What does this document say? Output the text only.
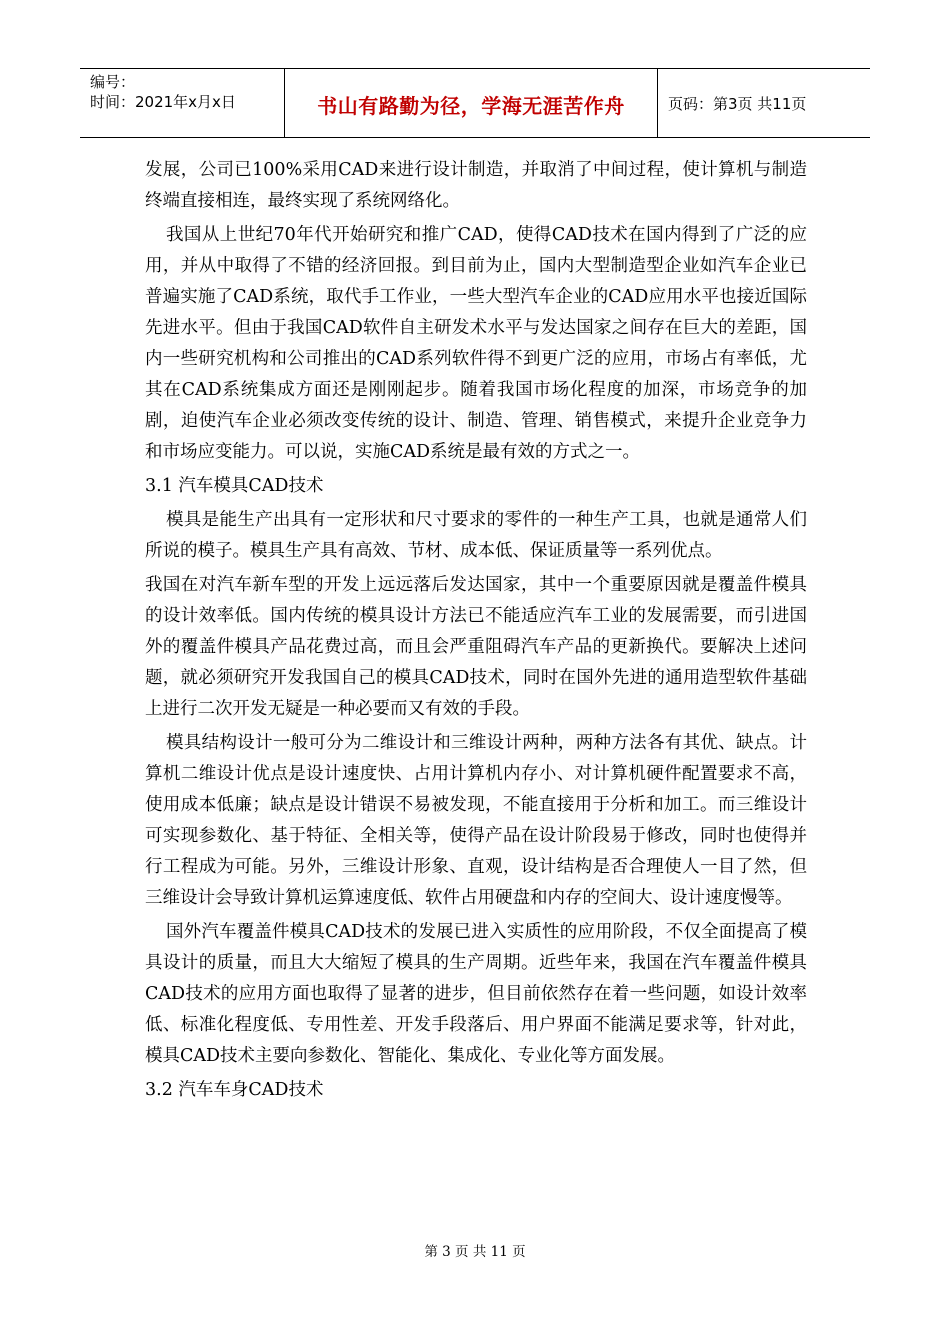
编号：
时间：2021年x月x日	书山有路勤为径，学海无涯苦作舟	页码：第3页 共11页

发展，公司已100%采用CAD来进行设计制造，并取消了中间过程，使计算机与制造终端直接相连，最终实现了系统网络化。

我国从上世纪70年代开始研究和推广CAD，使得CAD技术在国内得到了广泛的应用，并从中取得了不错的经济回报。到目前为止，国内大型制造型企业如汽车企业已普遍实施了CAD系统，取代手工作业，一些大型汽车企业的CAD应用水平也接近国际先进水平。但由于我国CAD软件自主研发术水平与发达国家之间存在巨大的差距，国内一些研究机构和公司推出的CAD系列软件得不到更广泛的应用，市场占有率低，尤其在CAD系统集成方面还是刚刚起步。随着我国市场化程度的加深，市场竞争的加剧，迫使汽车企业必须改变传统的设计、制造、管理、销售模式，来提升企业竞争力和市场应变能力。可以说，实施CAD系统是最有效的方式之一。

3.1 汽车模具CAD技术

模具是能生产出具有一定形状和尺寸要求的零件的一种生产工具，也就是通常人们所说的模子。模具生产具有高效、节材、成本低、保证质量等一系列优点。

我国在对汽车新车型的开发上远远落后发达国家，其中一个重要原因就是覆盖件模具的设计效率低。国内传统的模具设计方法已不能适应汽车工业的发展需要，而引进国外的覆盖件模具产品花费过高，而且会严重阻碍汽车产品的更新换代。要解决上述问题，就必须研究开发我国自己的模具CAD技术，同时在国外先进的通用造型软件基础上进行二次开发无疑是一种必要而又有效的手段。

模具结构设计一般可分为二维设计和三维设计两种，两种方法各有其优、缺点。计算机二维设计优点是设计速度快、占用计算机内存小、对计算机硬件配置要求不高，使用成本低廉；缺点是设计错误不易被发现，不能直接用于分析和加工。而三维设计可实现参数化、基于特征、全相关等，使得产品在设计阶段易于修改，同时也使得并行工程成为可能。另外，三维设计形象、直观，设计结构是否合理使人一目了然，但三维设计会导致计算机运算速度低、软件占用硬盘和内存的空间大、设计速度慢等。

国外汽车覆盖件模具CAD技术的发展已进入实质性的应用阶段，不仅全面提高了模具设计的质量，而且大大缩短了模具的生产周期。近些年来，我国在汽车覆盖件模具CAD技术的应用方面也取得了显著的进步，但目前依然存在着一些问题，如设计效率低、标准化程度低、专用性差、开发手段落后、用户界面不能满足要求等，针对此，模具CAD技术主要向参数化、智能化、集成化、专业化等方面发展。

3.2 汽车车身CAD技术
第 3 页 共 11 页
